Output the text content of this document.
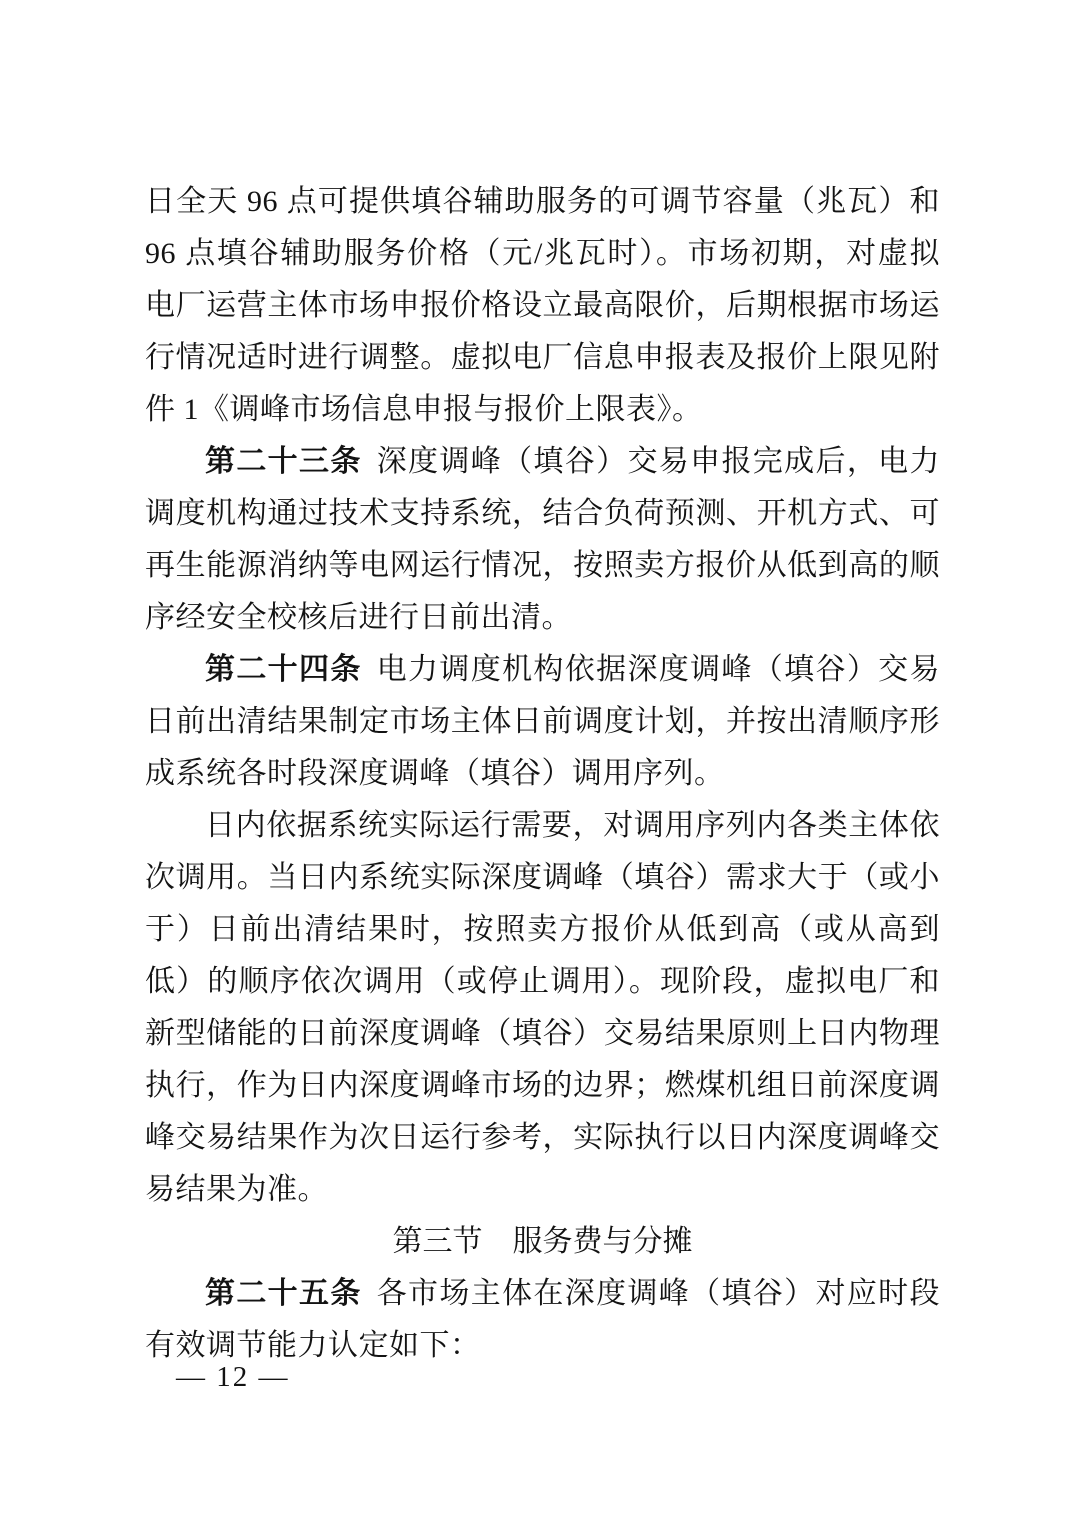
日全天 96 点可提供填谷辅助服务的可调节容量（兆瓦）和 96 点填谷辅助服务价格（元/兆瓦时）。市场初期，对虚拟电厂运营主体市场申报价格设立最高限价，后期根据市场运行情况适时进行调整。虚拟电厂信息申报表及报价上限见附件 1《调峰市场信息申报与报价上限表》。

第二十三条 深度调峰（填谷）交易申报完成后，电力调度机构通过技术支持系统，结合负荷预测、开机方式、可再生能源消纳等电网运行情况，按照卖方报价从低到高的顺序经安全校核后进行日前出清。

第二十四条 电力调度机构依据深度调峰（填谷）交易日前出清结果制定市场主体日前调度计划，并按出清顺序形成系统各时段深度调峰（填谷）调用序列。

日内依据系统实际运行需要，对调用序列内各类主体依次调用。当日内系统实际深度调峰（填谷）需求大于（或小于）日前出清结果时，按照卖方报价从低到高（或从高到低）的顺序依次调用（或停止调用）。现阶段，虚拟电厂和新型储能的日前深度调峰（填谷）交易结果原则上日内物理执行，作为日内深度调峰市场的边界；燃煤机组日前深度调峰交易结果作为次日运行参考，实际执行以日内深度调峰交易结果为准。

第三节 服务费与分摊

第二十五条 各市场主体在深度调峰（填谷）对应时段有效调节能力认定如下：

— 12 —
